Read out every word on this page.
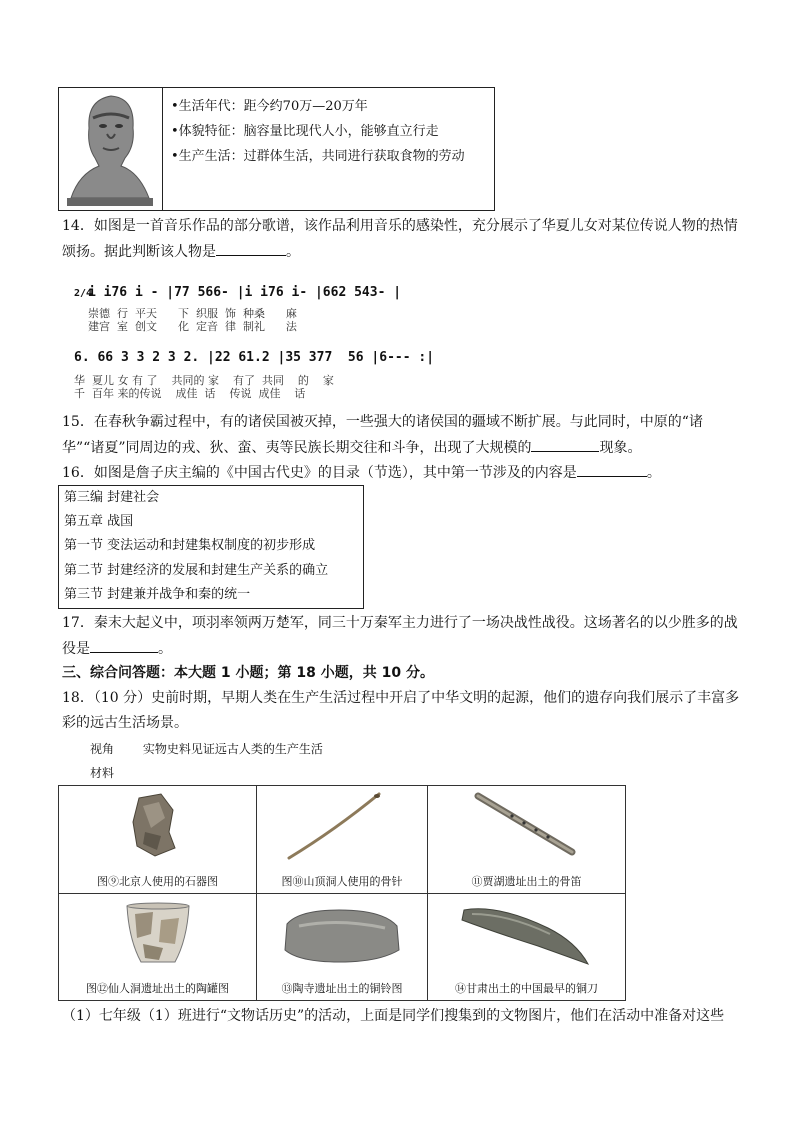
•生活年代：距今约70万—20万年
•体貌特征：脑容量比现代人小，能够直立行走
•生产生活：过群体生活，共同进行获取食物的劳动
14．如图是一首音乐作品的部分歌谱，该作品利用音乐的感染性，充分展示了华夏儿女对某位传说人物的热情
颂扬。据此判断该人物是	。
2/4i i76 i - |77 566- |i i76 i- |662 543- |
崇德  行  平天      下  织服  饰  种桑      麻
建宫  室  创文      化  定音  律  制礼      法
6. 66 3 3 2 3 2. |22 61.2 |35 377  56 |6--- :|
华  夏儿 女 有 了    共同的 家    有了  共同    的    家
千  百年 来的传说    成佳  话    传说  成佳    话
15．在春秋争霸过程中，有的诸侯国被灭掉，一些强大的诸侯国的疆域不断扩展。与此同时，中原的“诸
华”“诸夏”同周边的戎、狄、蛮、夷等民族长期交往和斗争，出现了大规模的	现象。
16．如图是詹子庆主编的《中国古代史》的目录（节选），其中第一节涉及的内容是	。
第三编 封建社会
第五章 战国
第一节 变法运动和封建集权制度的初步形成
第二节 封建经济的发展和封建生产关系的确立
第三节 封建兼并战争和秦的统一
17．秦末大起义中，项羽率领两万楚军，同三十万秦军主力进行了一场决战性战役。这场著名的以少胜多的战
役是	。
三、综合问答题：本大题 1 小题；第 18 小题，共 10 分。
18．（10 分）史前时期，早期人类在生产生活过程中开启了中华文明的起源，他们的遗存向我们展示了丰富多
彩的远古生活场景。
视角    实物史料见证远古人类的生产生活
材料
图⑨北京人使用的石器图	图⑩山顶洞人使用的骨针	⑪贾湖遗址出土的骨笛
图⑫仙人洞遗址出土的陶罐图	⑬陶寺遗址出土的铜铃图	⑭甘肃出土的中国最早的铜刀
（1）七年级（1）班进行“文物话历史”的活动，上面是同学们搜集到的文物图片，他们在活动中准备对这些
